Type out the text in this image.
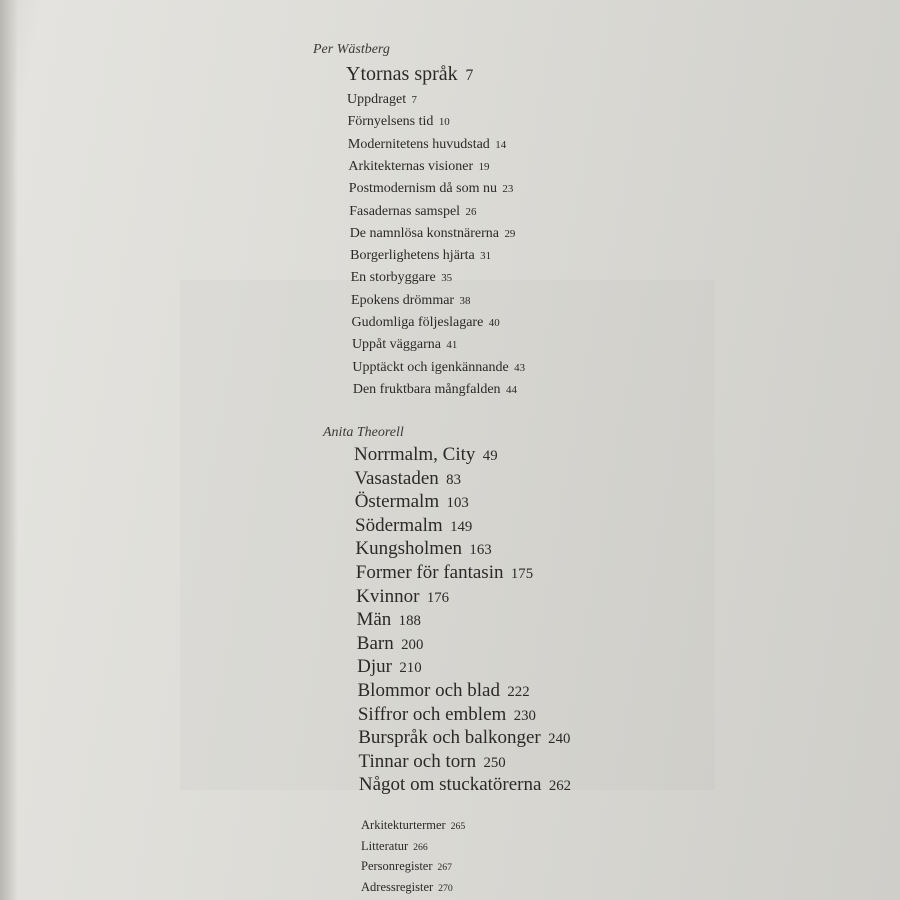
Per Wästberg
Ytornas språk 7
Uppdraget 7
Förnyelsens tid 10
Modernitetens huvudstad 14
Arkitekternas visioner 19
Postmodernism då som nu 23
Fasadernas samspel 26
De namnlösa konstnärerna 29
Borgerlighetens hjärta 31
En storbyggare 35
Epokens drömmar 38
Gudomliga följeslagare 40
Uppåt väggarna 41
Upptäckt och igenkännande 43
Den fruktbara mångfalden 44
Anita Theorell
Norrmalm, City 49
Vasastaden 83
Östermalm 103
Södermalm 149
Kungsholmen 163
Former för fantasin 175
Kvinnor 176
Män 188
Barn 200
Djur 210
Blommor och blad 222
Siffror och emblem 230
Burspråk och balkonger 240
Tinnar och torn 250
Något om stuckatörerna 262
Arkitekturtermer 265
Litteratur 266
Personregister 267
Adressregister 270
